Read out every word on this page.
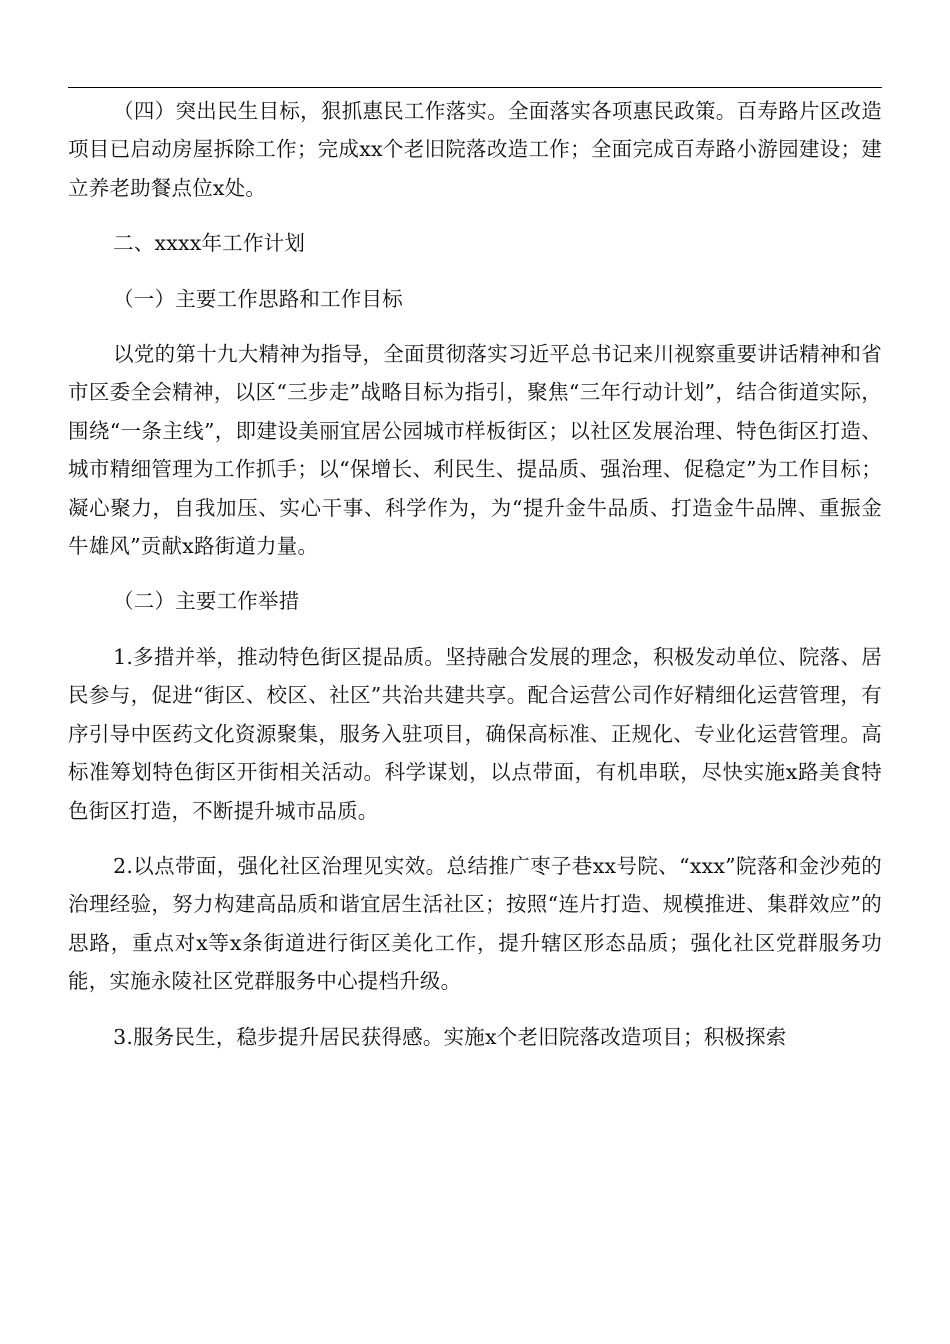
（四）突出民生目标，狠抓惠民工作落实。全面落实各项惠民政策。百寿路片区改造项目已启动房屋拆除工作；完成xx个老旧院落改造工作；全面完成百寿路小游园建设；建立养老助餐点位x处。

二、xxxx年工作计划

（一）主要工作思路和工作目标

以党的第十九大精神为指导，全面贯彻落实习近平总书记来川视察重要讲话精神和省市区委全会精神，以区“三步走”战略目标为指引，聚焦“三年行动计划”，结合街道实际，围绕“一条主线”，即建设美丽宜居公园城市样板街区；以社区发展治理、特色街区打造、城市精细管理为工作抓手；以“保增长、利民生、提品质、强治理、促稳定”为工作目标；凝心聚力，自我加压、实心干事、科学作为，为“提升金牛品质、打造金牛品牌、重振金牛雄风”贡献x路街道力量。

（二）主要工作举措

1.多措并举，推动特色街区提品质。坚持融合发展的理念，积极发动单位、院落、居民参与，促进“街区、校区、社区”共治共建共享。配合运营公司作好精细化运营管理，有序引导中医药文化资源聚集，服务入驻项目，确保高标准、正规化、专业化运营管理。高标准筹划特色街区开街相关活动。科学谋划，以点带面，有机串联，尽快实施x路美食特色街区打造，不断提升城市品质。

2.以点带面，强化社区治理见实效。总结推广枣子巷xx号院、“xxx”院落和金沙苑的治理经验，努力构建高品质和谐宜居生活社区；按照“连片打造、规模推进、集群效应”的思路，重点对x等x条街道进行街区美化工作，提升辖区形态品质；强化社区党群服务功能，实施永陵社区党群服务中心提档升级。

3.服务民生，稳步提升居民获得感。实施x个老旧院落改造项目；积极探索
